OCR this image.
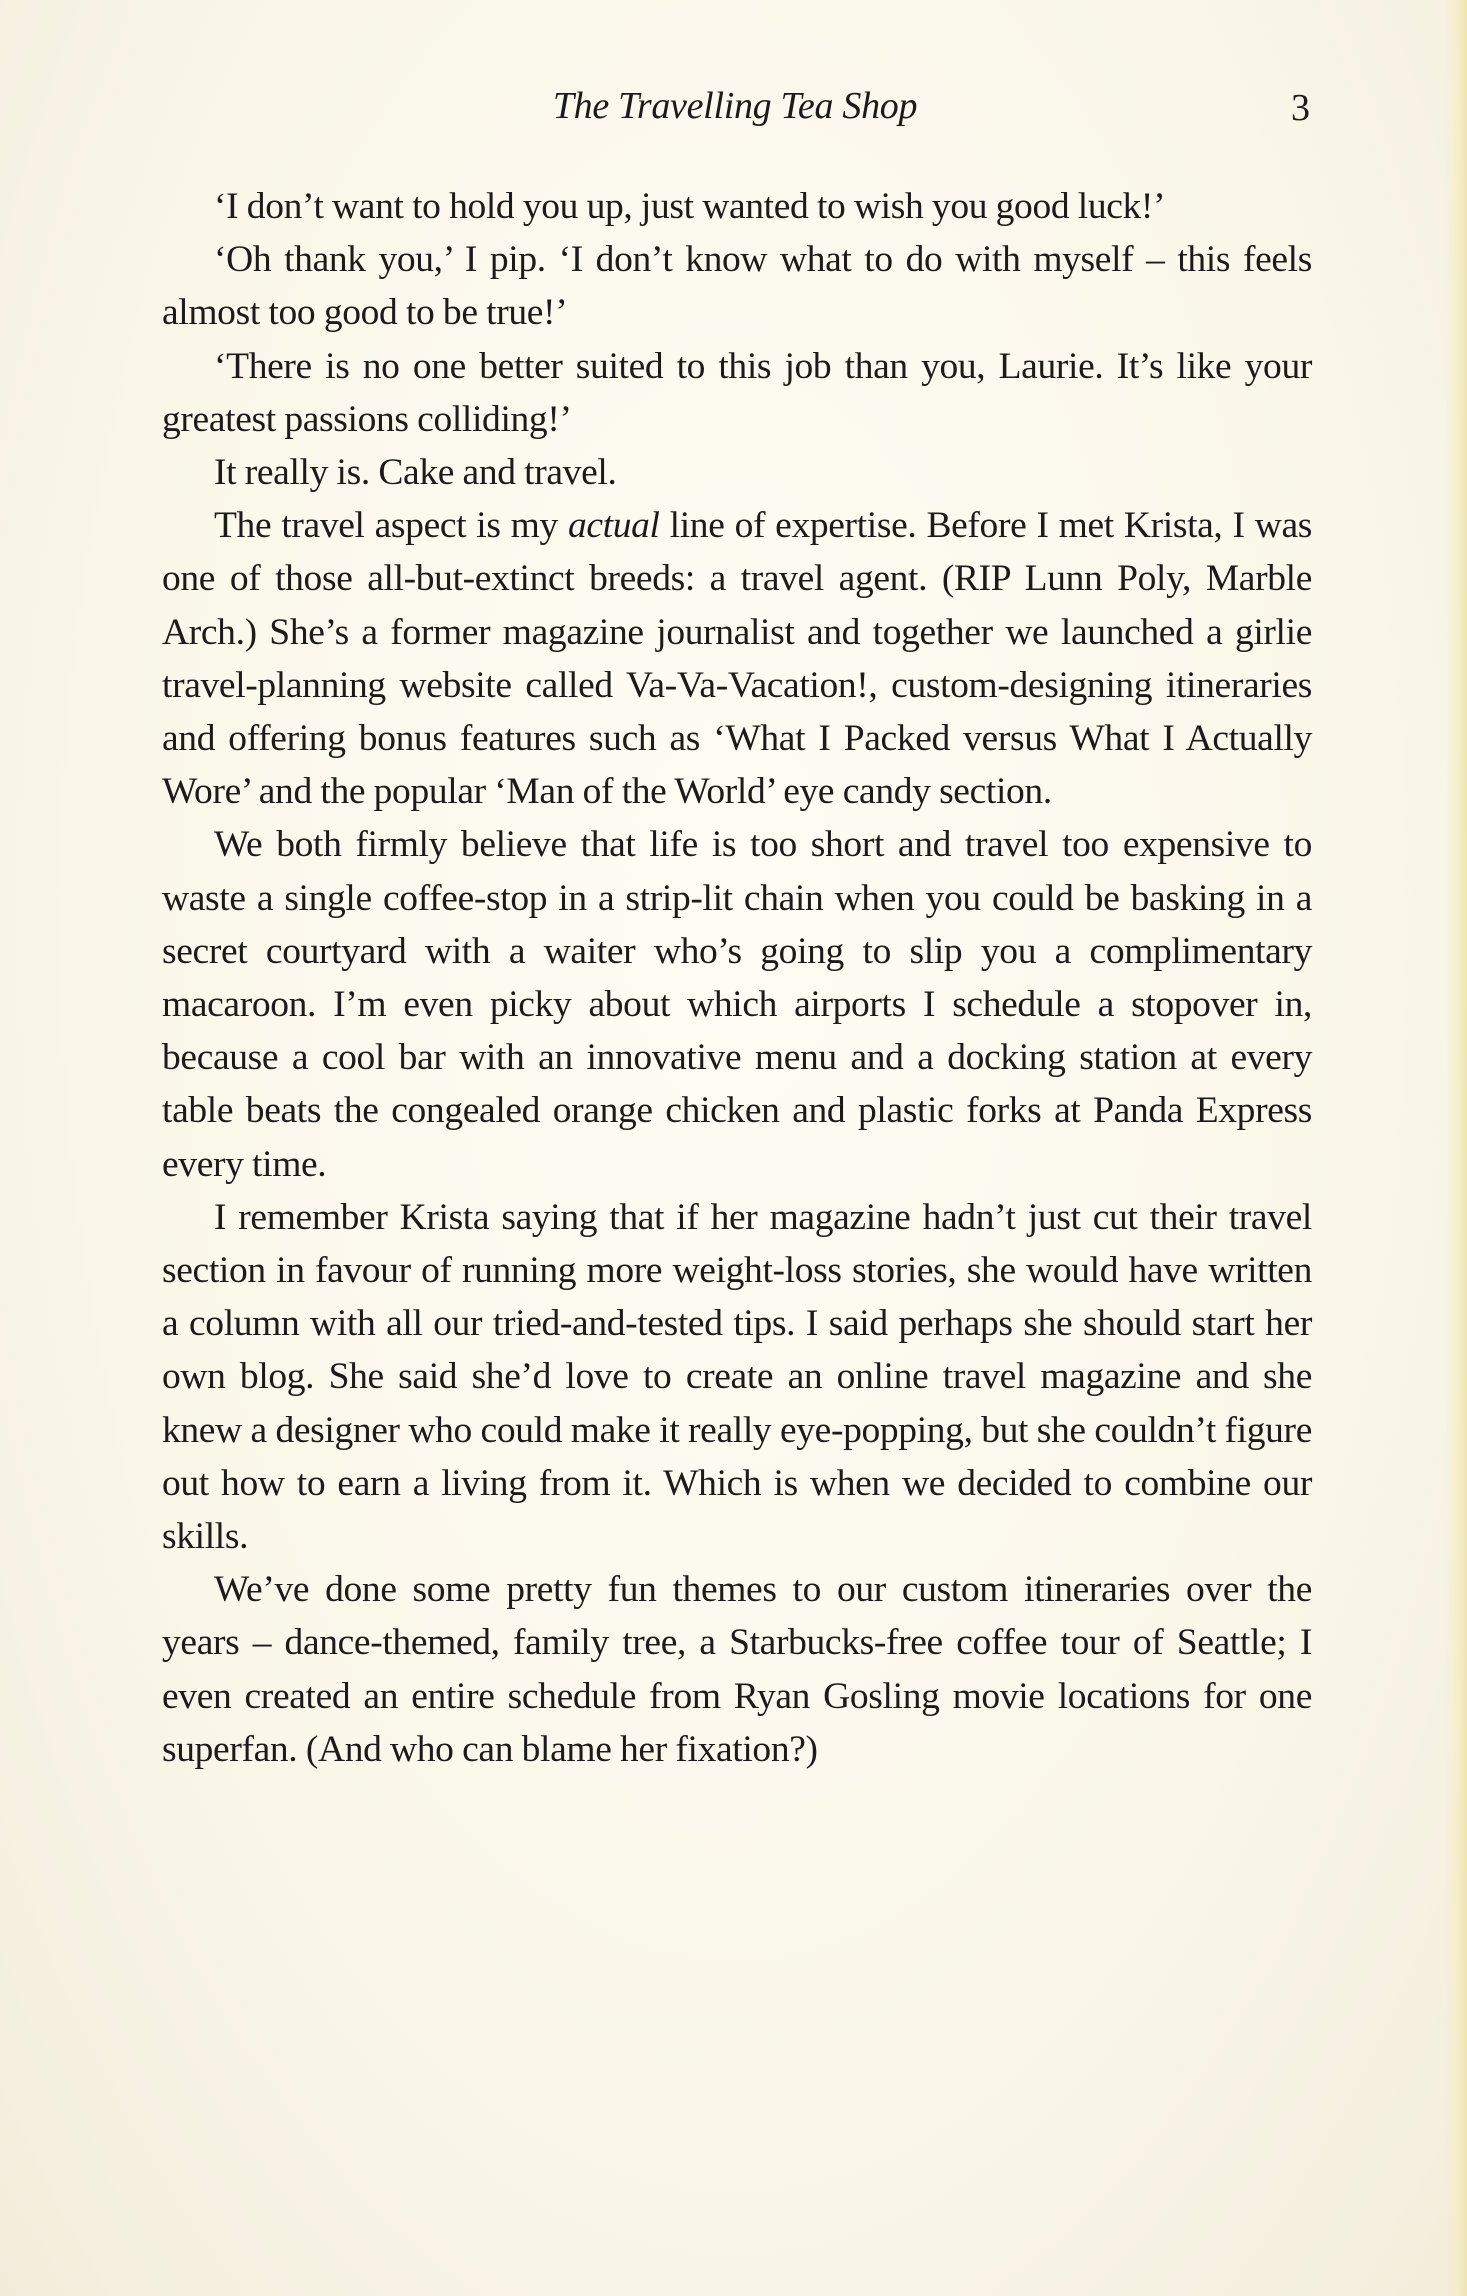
The Travelling Tea Shop	3

‘I don’t want to hold you up, just wanted to wish you good luck!’

‘Oh thank you,’ I pip. ‘I don’t know what to do with myself – this feels almost too good to be true!’

‘There is no one better suited to this job than you, Laurie. It’s like your greatest passions colliding!’

It really is. Cake and travel.

The travel aspect is my actual line of expertise. Before I met Krista, I was one of those all-but-extinct breeds: a travel agent. (RIP Lunn Poly, Marble Arch.) She’s a former magazine journalist and together we launched a girlie travel-planning website called Va-Va-Vacation!, custom-designing itineraries and offering bonus features such as ‘What I Packed versus What I Actually Wore’ and the popular ‘Man of the World’ eye candy section.

We both firmly believe that life is too short and travel too expensive to waste a single coffee-stop in a strip-lit chain when you could be basking in a secret courtyard with a waiter who’s going to slip you a complimentary macaroon. I’m even picky about which airports I schedule a stopover in, because a cool bar with an innovative menu and a docking station at every table beats the congealed orange chicken and plastic forks at Panda Express every time.

I remember Krista saying that if her magazine hadn’t just cut their travel section in favour of running more weight-loss stories, she would have written a column with all our tried-and-tested tips. I said perhaps she should start her own blog. She said she’d love to create an online travel magazine and she knew a designer who could make it really eye-popping, but she couldn’t figure out how to earn a living from it. Which is when we decided to combine our skills.

We’ve done some pretty fun themes to our custom itineraries over the years – dance-themed, family tree, a Starbucks-free coffee tour of Seattle; I even created an entire schedule from Ryan Gosling movie locations for one superfan. (And who can blame her fixation?)
